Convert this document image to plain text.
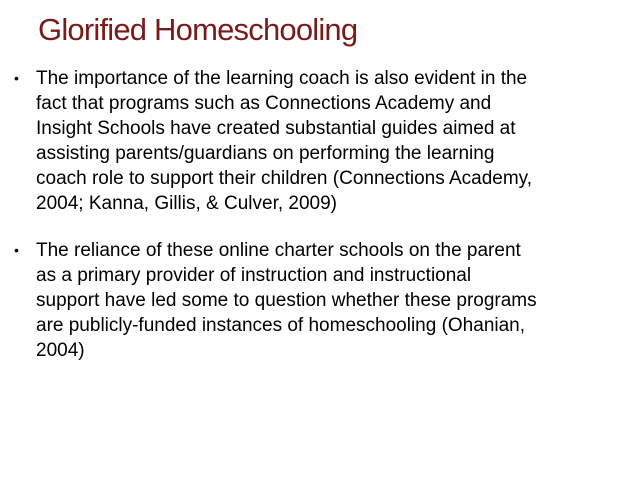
Glorified Homeschooling
• The importance of the learning coach is also evident in the
fact that programs such as Connections Academy and
Insight Schools have created substantial guides aimed at
assisting parents/guardians on performing the learning
coach role to support their children (Connections Academy,
2004; Kanna, Gillis, & Culver, 2009)
• The reliance of these online charter schools on the parent
as a primary provider of instruction and instructional
support have led some to question whether these programs
are publicly-funded instances of homeschooling (Ohanian,
2004)
